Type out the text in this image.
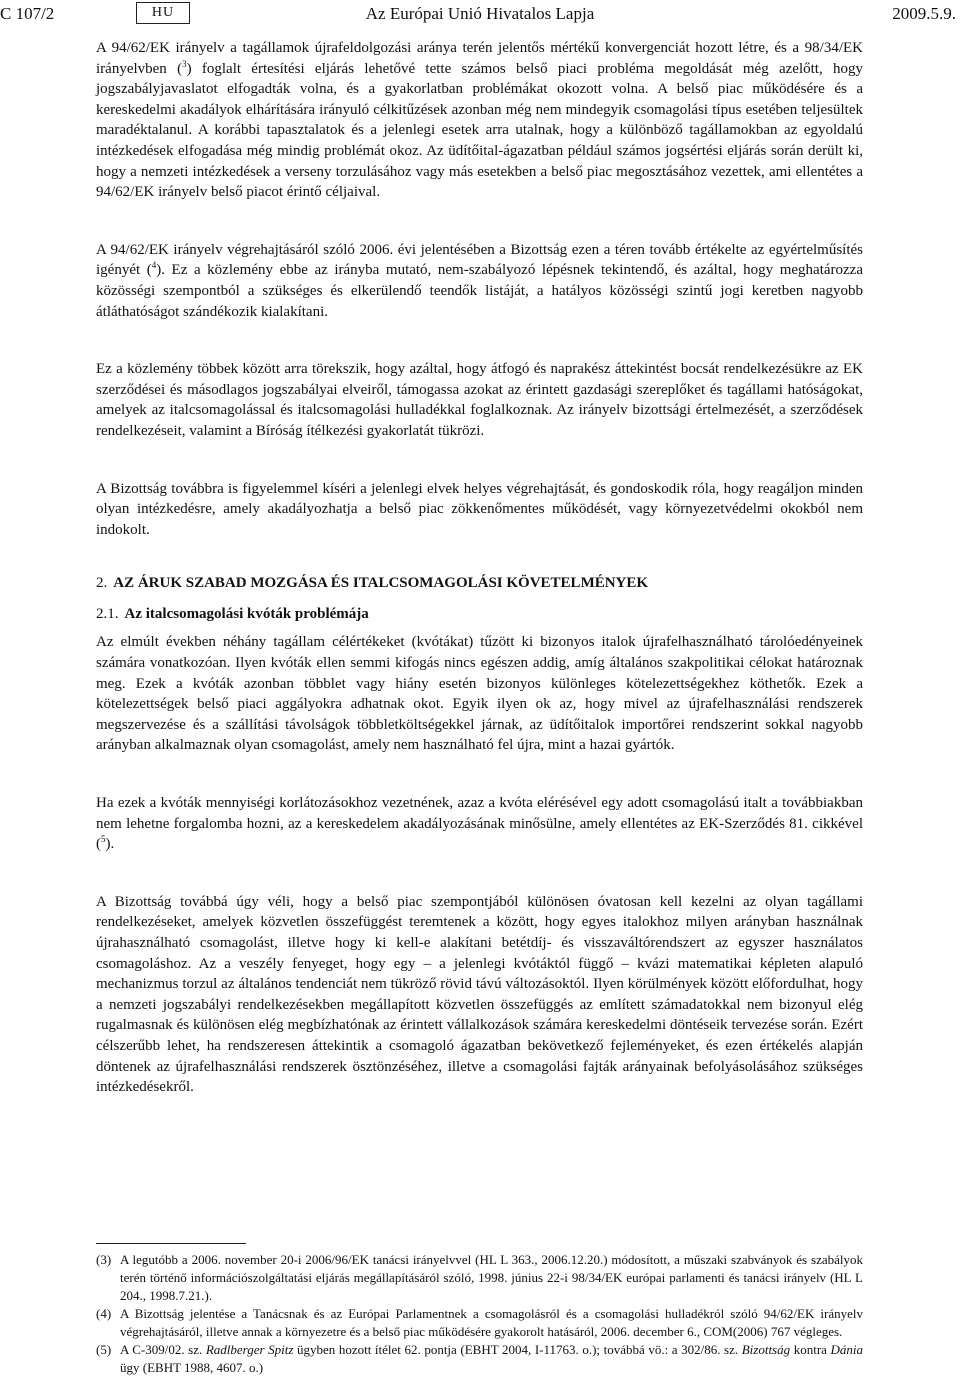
C 107/2	HU	Az Európai Unió Hivatalos Lapja	2009.5.9.

A 94/62/EK irányelv a tagállamok újrafeldolgozási aránya terén jelentős mértékű konvergenciát hozott létre, és a 98/34/EK irányelvben ($^3$) foglalt értesítési eljárás lehetővé tette számos belső piaci probléma megoldását még azelőtt, hogy jogszabályjavaslatot elfogadták volna, és a gyakorlatban problémákat okozott volna. A belső piac működésére és a kereskedelmi akadályok elhárítására irányuló célkitűzések azonban még nem mindegyik csomagolási típus esetében teljesültek maradéktalanul. A korábbi tapasztalatok és a jelenlegi esetek arra utalnak, hogy a különböző tagállamokban az egyoldalú intézkedések elfogadása még mindig problémát okoz. Az üdítőital-ágazatban például számos jogsértési eljárás során derült ki, hogy a nemzeti intézkedések a verseny torzulásához vagy más esetekben a belső piac megosztásához vezettek, ami ellentétes a 94/62/EK irányelv belső piacot érintő céljaival.

A 94/62/EK irányelv végrehajtásáról szóló 2006. évi jelentésében a Bizottság ezen a téren tovább értékelte az egyértelműsítés igényét ($^4$). Ez a közlemény ebbe az irányba mutató, nem-szabályozó lépésnek tekintendő, és azáltal, hogy meghatározza közösségi szempontból a szükséges és elkerülendő teendők listáját, a hatályos közösségi szintű jogi keretben nagyobb átláthatóságot szándékozik kialakítani.

Ez a közlemény többek között arra törekszik, hogy azáltal, hogy átfogó és naprakész áttekintést bocsát rendelkezésükre az EK szerződései és másodlagos jogszabályai elveiről, támogassa azokat az érintett gazdasági szereplőket és tagállami hatóságokat, amelyek az italcsomagolással és italcsomagolási hulladékkal foglalkoznak. Az irányelv bizottsági értelmezését, a szerződések rendelkezéseit, valamint a Bíróság ítélkezési gyakorlatát tükrözi.

A Bizottság továbbra is figyelemmel kíséri a jelenlegi elvek helyes végrehajtását, és gondoskodik róla, hogy reagáljon minden olyan intézkedésre, amely akadályozhatja a belső piac zökkenőmentes működését, vagy környezetvédelmi okokból nem indokolt.

2. AZ ÁRUK SZABAD MOZGÁSA ÉS ITALCSOMAGOLÁSI KÖVETELMÉNYEK
2.1. Az italcsomagolási kvóták problémája

Az elmúlt években néhány tagállam célértékeket (kvótákat) tűzött ki bizonyos italok újrafelhasználható tárolóedényeinek számára vonatkozóan. Ilyen kvóták ellen semmi kifogás nincs egészen addig, amíg általános szakpolitikai célokat határoznak meg. Ezek a kvóták azonban többlet vagy hiány esetén bizonyos különleges kötelezettségekhez köthetők. Ezek a kötelezettségek belső piaci aggályokra adhatnak okot. Egyik ilyen ok az, hogy mivel az újrafelhasználási rendszerek megszervezése és a szállítási távolságok többletköltségekkel járnak, az üdítőitalok importőrei rendszerint sokkal nagyobb arányban alkalmaznak olyan csomagolást, amely nem használható fel újra, mint a hazai gyártók.

Ha ezek a kvóták mennyiségi korlátozásokhoz vezetnének, azaz a kvóta elérésével egy adott csomagolású italt a továbbiakban nem lehetne forgalomba hozni, az a kereskedelem akadályozásának minősülne, amely ellentétes az EK-Szerződés 81. cikkével ($^5$).

A Bizottság továbbá úgy véli, hogy a belső piac szempontjából különösen óvatosan kell kezelni az olyan tagállami rendelkezéseket, amelyek közvetlen összefüggést teremtenek a között, hogy egyes italokhoz milyen arányban használnak újrahasználható csomagolást, illetve hogy ki kell-e alakítani betétdíj- és visszaváltórendszert az egyszer használatos csomagoláshoz. Az a veszély fenyeget, hogy egy – a jelenlegi kvótáktól függő – kvázi matematikai képleten alapuló mechanizmus torzul az általános tendenciát nem tükröző rövid távú változásoktól. Ilyen körülmények között előfordulhat, hogy a nemzeti jogszabályi rendelkezésekben megállapított közvetlen összefüggés az említett számadatokkal nem bizonyul elég rugalmasnak és különösen elég megbízhatónak az érintett vállalkozások számára kereskedelmi döntéseik tervezése során. Ezért célszerűbb lehet, ha rendszeresen áttekintik a csomagoló ágazatban bekövetkező fejleményeket, és ezen értékelés alapján döntenek az újrafelhasználási rendszerek ösztönzéséhez, illetve a csomagolási fajták arányainak befolyásolásához szükséges intézkedésekről.

(3) A legutóbb a 2006. november 20-i 2006/96/EK tanácsi irányelvvel (HL L 363., 2006.12.20.) módosított, a műszaki szabványok és szabályok terén történő információszolgáltatási eljárás megállapításáról szóló, 1998. június 22-i 98/34/EK európai parlamenti és tanácsi irányelv (HL L 204., 1998.7.21.).
(4) A Bizottság jelentése a Tanácsnak és az Európai Parlamentnek a csomagolásról és a csomagolási hulladékról szóló 94/62/EK irányelv végrehajtásáról, illetve annak a környezetre és a belső piac működésére gyakorolt hatásáról, 2006. december 6., COM(2006) 767 végleges.
(5) A C-309/02. sz. Radlberger Spitz ügyben hozott ítélet 62. pontja (EBHT 2004, I-11763. o.); továbbá vö.: a 302/86. sz. Bizottság kontra Dánia ügy (EBHT 1988, 4607. o.)
